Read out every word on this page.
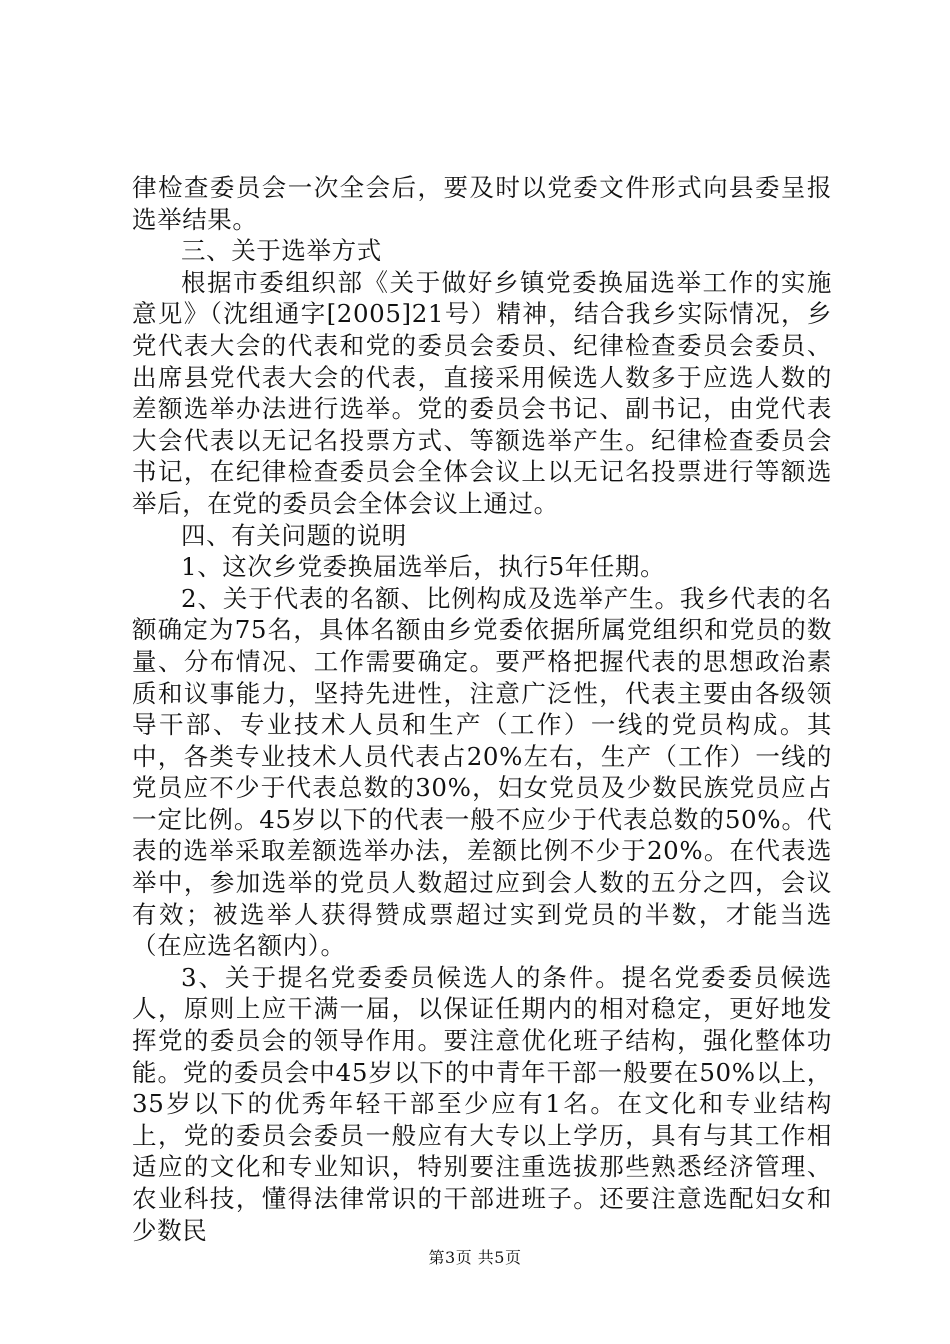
律检查委员会一次全会后，要及时以党委文件形式向县委呈报选举结果。

三、关于选举方式

根据市委组织部《关于做好乡镇党委换届选举工作的实施意见》（沈组通字[2005]21号）精神，结合我乡实际情况，乡党代表大会的代表和党的委员会委员、纪律检查委员会委员、出席县党代表大会的代表，直接采用候选人数多于应选人数的差额选举办法进行选举。党的委员会书记、副书记，由党代表大会代表以无记名投票方式、等额选举产生。纪律检查委员会书记，在纪律检查委员会全体会议上以无记名投票进行等额选举后，在党的委员会全体会议上通过。

四、有关问题的说明

1、这次乡党委换届选举后，执行5年任期。

2、关于代表的名额、比例构成及选举产生。我乡代表的名额确定为75名，具体名额由乡党委依据所属党组织和党员的数量、分布情况、工作需要确定。要严格把握代表的思想政治素质和议事能力，坚持先进性，注意广泛性，代表主要由各级领导干部、专业技术人员和生产（工作）一线的党员构成。其中，各类专业技术人员代表占20%左右，生产（工作）一线的党员应不少于代表总数的30%，妇女党员及少数民族党员应占一定比例。45岁以下的代表一般不应少于代表总数的50%。代表的选举采取差额选举办法，差额比例不少于20%。在代表选举中，参加选举的党员人数超过应到会人数的五分之四，会议有效；被选举人获得赞成票超过实到党员的半数，才能当选（在应选名额内）。

3、关于提名党委委员候选人的条件。提名党委委员候选人，原则上应干满一届，以保证任期内的相对稳定，更好地发挥党的委员会的领导作用。要注意优化班子结构，强化整体功能。党的委员会中45岁以下的中青年干部一般要在50%以上，35岁以下的优秀年轻干部至少应有1名。在文化和专业结构上，党的委员会委员一般应有大专以上学历，具有与其工作相适应的文化和专业知识，特别要注重选拔那些熟悉经济管理、农业科技，懂得法律常识的干部进班子。还要注意选配妇女和少数民

第3页 共5页
